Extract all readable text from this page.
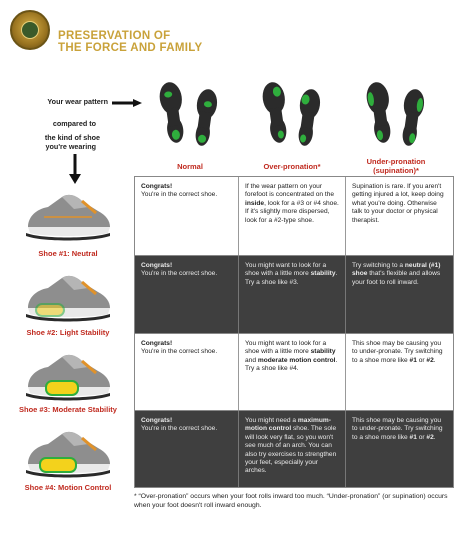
PRESERVATION OF
THE FORCE AND FAMILY
Your wear pattern
compared to
the kind of shoe
you're wearing
Normal	Over-pronation*
Under-pronation
(supination)*
Shoe #1: Neutral
Shoe #2: Light Stability
Shoe #3: Moderate Stability
Shoe #4: Motion Control
Congrats!
You're in the correct shoe.
If the wear pattern on your forefoot is concentrated on the inside, look for a #3 or #4 shoe. If it's slightly more dispersed, look for a #2-type shoe.
Supination is rare. If you aren't getting injured a lot, keep doing what you're doing. Otherwise talk to your doctor or physical therapist.
Congrats!
You're in the correct shoe.
You might want to look for a shoe with a little more stability. Try a shoe like #3.
Try switching to a neutral (#1) shoe that's flexible and allows your foot to roll inward.
Congrats!
You're in the correct shoe.
You might want to look for a shoe with a little more stability and moderate motion control. Try a shoe like #4.
This shoe may be causing you to under-pronate. Try switching to a shoe more like #1 or #2.
Congrats!
You're in the correct shoe.
You might need a maximum-motion control shoe. The sole will look very flat, so you won't see much of an arch. You can also try exercises to strengthen your feet, especially your arches.
This shoe may be causing you to under-pronate. Try switching to a shoe more like #1 or #2.
* “Over-pronation” occurs when your foot rolls inward too much. “Under-pronation” (or supination) occurs when your foot doesn't roll inward enough.
